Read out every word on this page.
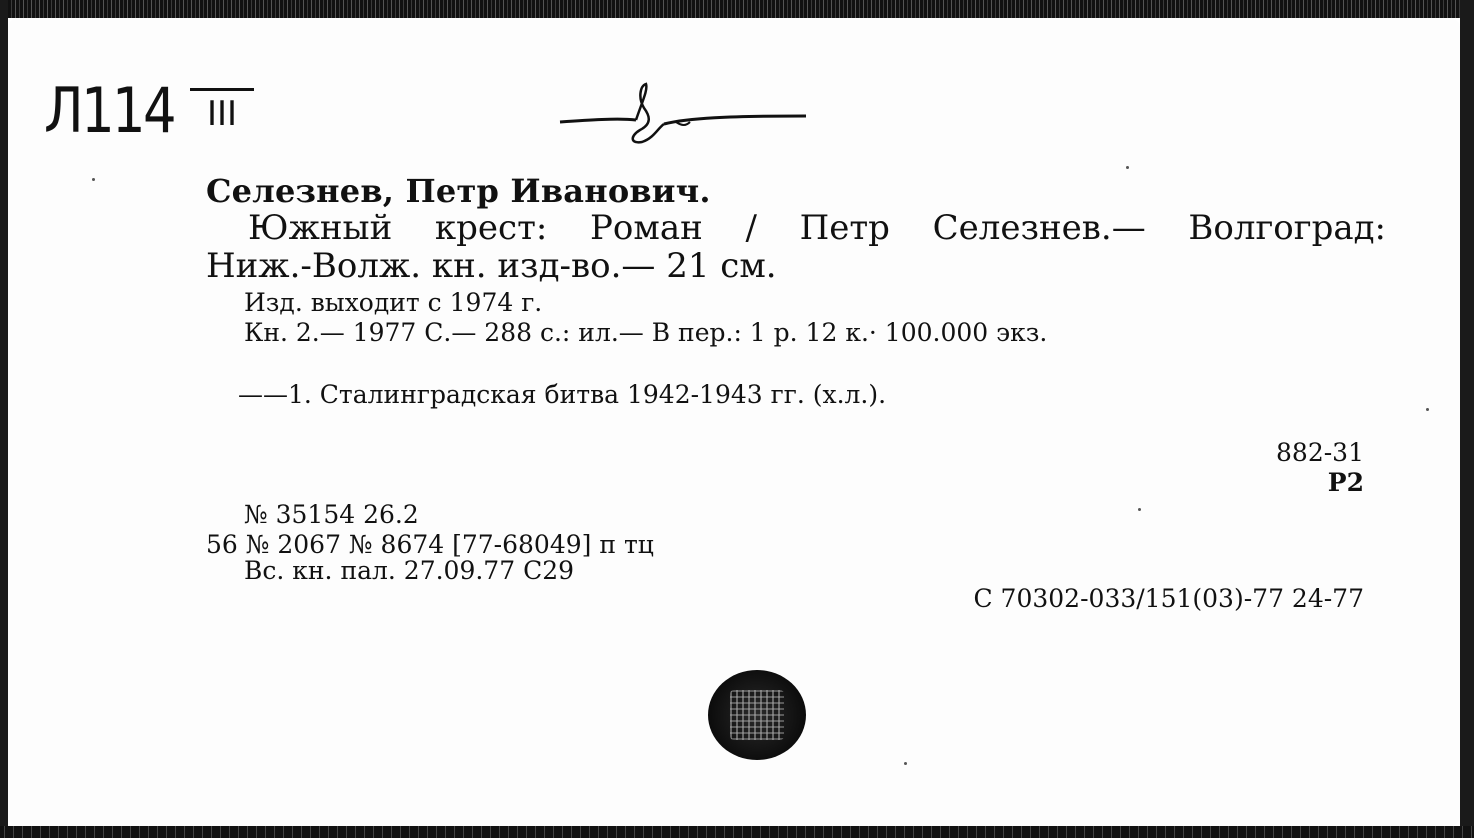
Л114 III
Селезнев, Петр Иванович.
Южный крест: Роман / Петр Селезнев.— Волгоград:
Ниж.-Волж. кн. изд-во.— 21 см.
Изд. выходит с 1974 г.
Кн. 2.— 1977 С.— 288 с.: ил.— В пер.: 1 р. 12 к.· 100.000 экз.
——1. Сталинградская битва 1942-1943 гг. (х.л.).
882-31
Р2
№ 35154 26.2
56 № 2067 № 8674 [77-68049] п тц
Вс. кн. пал. 27.09.77 С29
С 70302-033/151(03)-77 24-77
